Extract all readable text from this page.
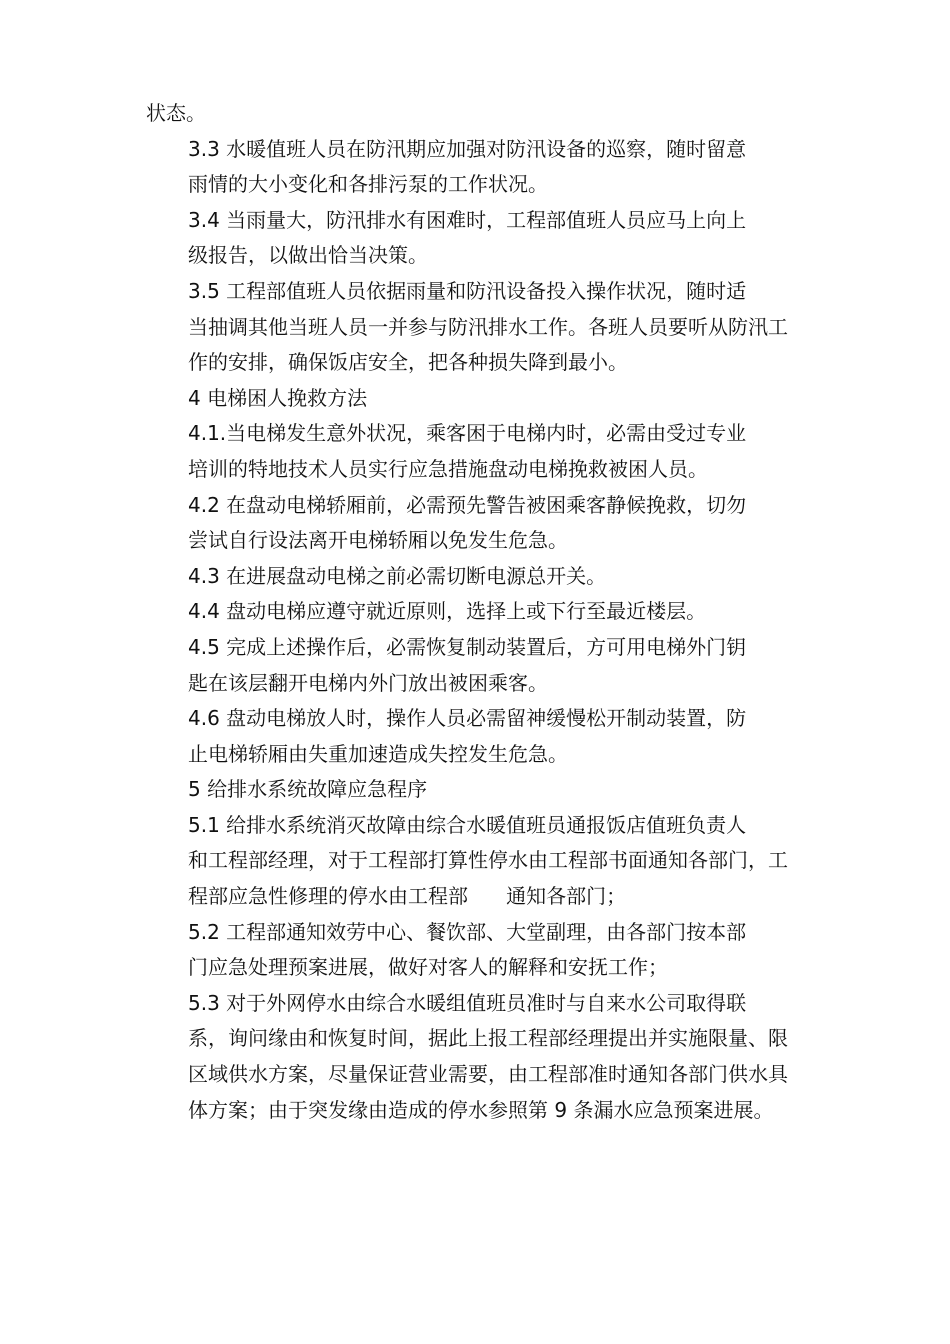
状态。
3.3 水暖值班人员在防汛期应加强对防汛设备的巡察，随时留意
雨情的大小变化和各排污泵的工作状况。
3.4 当雨量大，防汛排水有困难时，工程部值班人员应马上向上
级报告，以做出恰当决策。
3.5 工程部值班人员依据雨量和防汛设备投入操作状况，随时适
当抽调其他当班人员一并参与防汛排水工作。各班人员要听从防汛工
作的安排，确保饭店安全，把各种损失降到最小。
4 电梯困人挽救方法
4.1.当电梯发生意外状况，乘客困于电梯内时，必需由受过专业
培训的特地技术人员实行应急措施盘动电梯挽救被困人员。
4.2 在盘动电梯轿厢前，必需预先警告被困乘客静候挽救，切勿
尝试自行设法离开电梯轿厢以免发生危急。
4.3 在进展盘动电梯之前必需切断电源总开关。
4.4 盘动电梯应遵守就近原则，选择上或下行至最近楼层。
4.5 完成上述操作后，必需恢复制动装置后，方可用电梯外门钥
匙在该层翻开电梯内外门放出被困乘客。
4.6 盘动电梯放人时，操作人员必需留神缓慢松开制动装置，防
止电梯轿厢由失重加速造成失控发生危急。
5 给排水系统故障应急程序
5.1 给排水系统消灭故障由综合水暖值班员通报饭店值班负责人
和工程部经理，对于工程部打算性停水由工程部书面通知各部门，工
程部应急性修理的停水由工程部      通知各部门；
5.2 工程部通知效劳中心、餐饮部、大堂副理，由各部门按本部
门应急处理预案进展，做好对客人的解释和安抚工作；
5.3 对于外网停水由综合水暖组值班员准时与自来水公司取得联
系，询问缘由和恢复时间，据此上报工程部经理提出并实施限量、限
区域供水方案，尽量保证营业需要，由工程部准时通知各部门供水具
体方案；由于突发缘由造成的停水参照第 9 条漏水应急预案进展。
